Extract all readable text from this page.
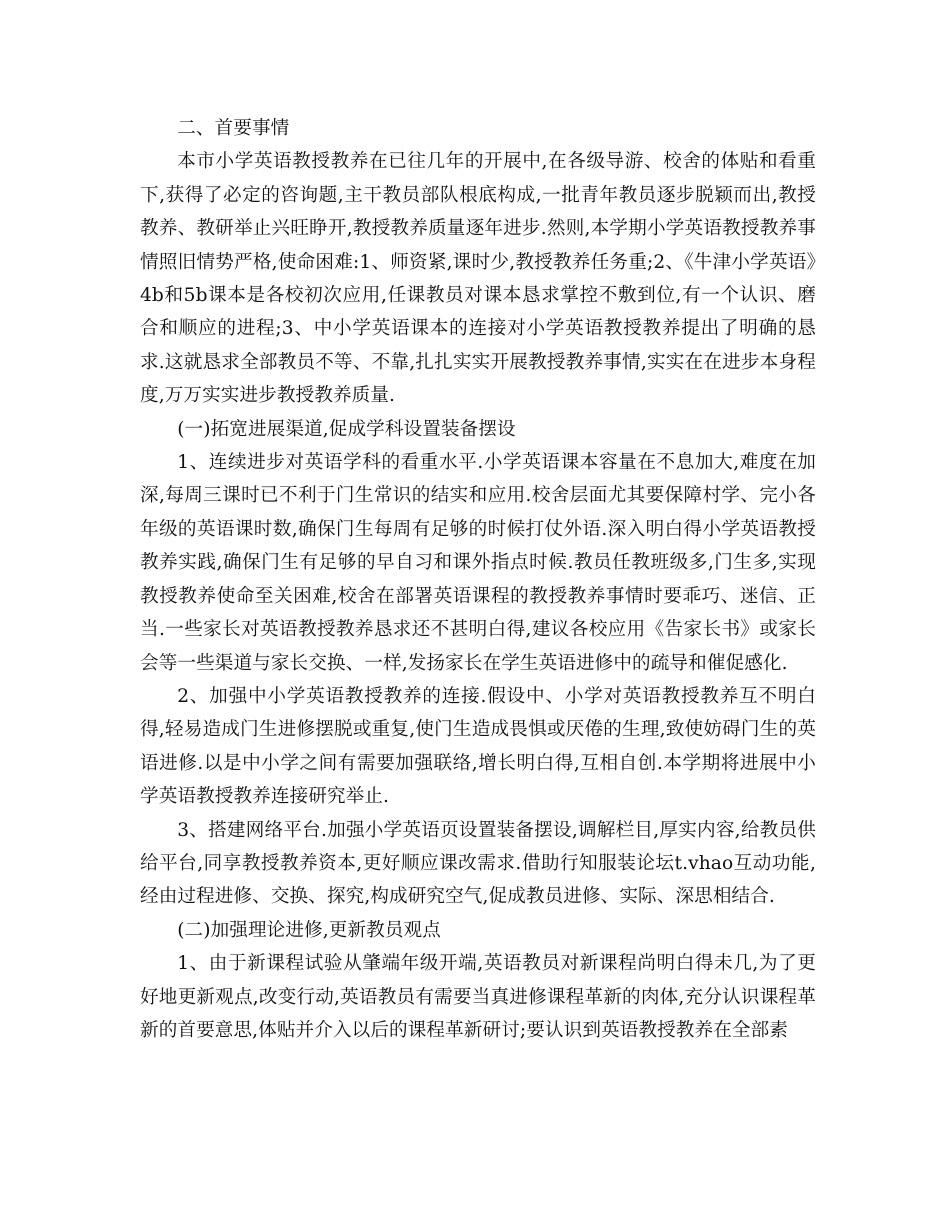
二、首要事情

本市小学英语教授教养在已往几年的开展中,在各级导游、校舍的体贴和看重下,获得了必定的咨询题,主干教员部队根底构成,一批青年教员逐步脱颖而出,教授教养、教研举止兴旺睁开,教授教养质量逐年进步.然则,本学期小学英语教授教养事情照旧情势严格,使命困难:1、师资紧,课时少,教授教养任务重;2、《牛津小学英语》4b和5b课本是各校初次应用,任课教员对课本恳求掌控不敷到位,有一个认识、磨合和顺应的进程;3、中小学英语课本的连接对小学英语教授教养提出了明确的恳求.这就恳求全部教员不等、不靠,扎扎实实开展教授教养事情,实实在在进步本身程度,万万实实进步教授教养质量.

(一)拓宽进展渠道,促成学科设置装备摆设

1、连续进步对英语学科的看重水平.小学英语课本容量在不息加大,难度在加深,每周三课时已不利于门生常识的结实和应用.校舍层面尤其要保障村学、完小各年级的英语课时数,确保门生每周有足够的时候打仗外语.深入明白得小学英语教授教养实践,确保门生有足够的早自习和课外指点时候.教员任教班级多,门生多,实现教授教养使命至关困难,校舍在部署英语课程的教授教养事情时要乖巧、迷信、正当.一些家长对英语教授教养恳求还不甚明白得,建议各校应用《告家长书》或家长会等一些渠道与家长交换、一样,发扬家长在学生英语进修中的疏导和催促感化.

2、加强中小学英语教授教养的连接.假设中、小学对英语教授教养互不明白得,轻易造成门生进修摆脱或重复,使门生造成畏惧或厌倦的生理,致使妨碍门生的英语进修.以是中小学之间有需要加强联络,增长明白得,互相自创.本学期将进展中小学英语教授教养连接研究举止.

3、搭建网络平台.加强小学英语页设置装备摆设,调解栏目,厚实内容,给教员供给平台,同享教授教养资本,更好顺应课改需求.借助行知服装论坛t.vhao互动功能,经由过程进修、交换、探究,构成研究空气,促成教员进修、实际、深思相结合.

(二)加强理论进修,更新教员观点

1、由于新课程试验从肇端年级开端,英语教员对新课程尚明白得未几,为了更好地更新观点,改变行动,英语教员有需要当真进修课程革新的肉体,充分认识课程革新的首要意思,体贴并介入以后的课程革新研讨;要认识到英语教授教养在全部素
